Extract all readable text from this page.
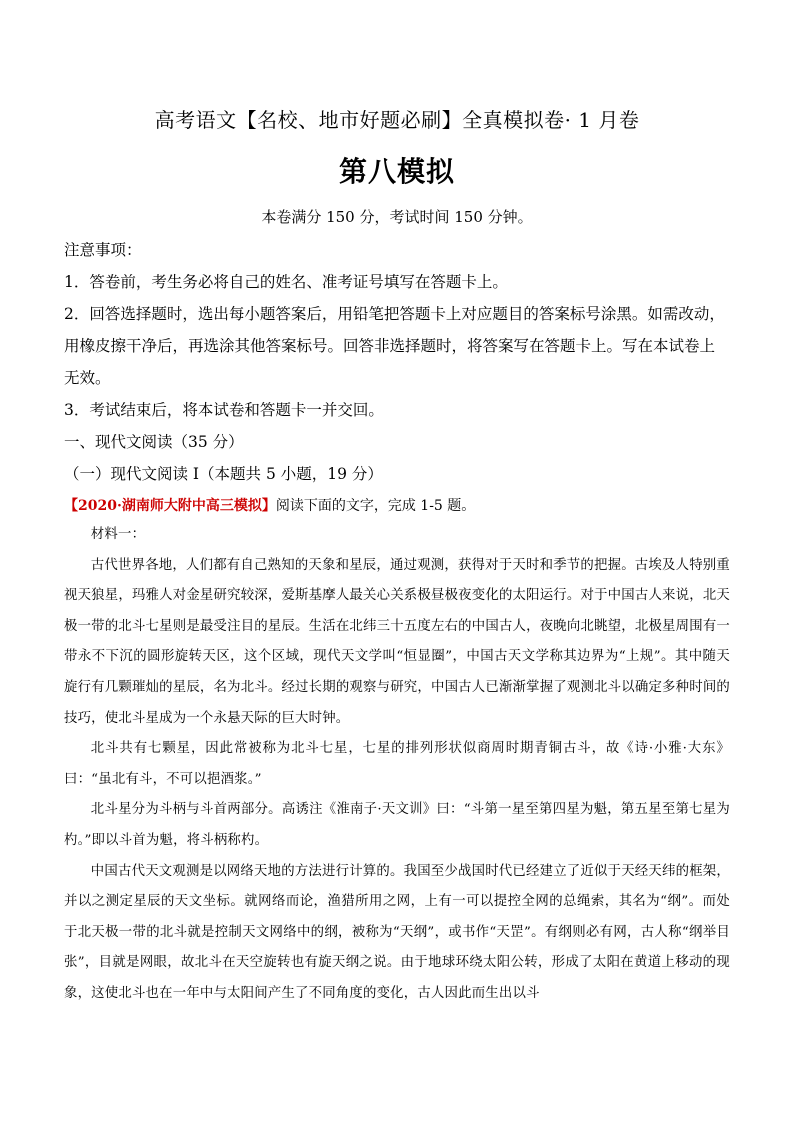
高考语文【名校、地市好题必刷】全真模拟卷· 1 月卷
第八模拟
本卷满分 150 分，考试时间 150 分钟。

注意事项：

1．答卷前，考生务必将自己的姓名、准考证号填写在答题卡上。

2．回答选择题时，选出每小题答案后，用铅笔把答题卡上对应题目的答案标号涂黑。如需改动，用橡皮擦干净后，再选涂其他答案标号。回答非选择题时，将答案写在答题卡上。写在本试卷上无效。

3．考试结束后，将本试卷和答题卡一并交回。

一、现代文阅读（35 分）

（一）现代文阅读 I（本题共 5 小题，19 分）

【2020·湖南师大附中高三模拟】阅读下面的文字，完成 1-5 题。

材料一：

古代世界各地，人们都有自己熟知的天象和星辰，通过观测，获得对于天时和季节的把握。古埃及人特别重视天狼星，玛雅人对金星研究较深，爱斯基摩人最关心关系极昼极夜变化的太阳运行。对于中国古人来说，北天极一带的北斗七星则是最受注目的星辰。生活在北纬三十五度左右的中国古人，夜晚向北眺望，北极星周围有一带永不下沉的圆形旋转天区，这个区域，现代天文学叫“恒显圈”，中国古天文学称其边界为“上规”。其中随天旋行有几颗璀灿的星辰，名为北斗。经过长期的观察与研究，中国古人已渐渐掌握了观测北斗以确定多种时间的技巧，使北斗星成为一个永悬天际的巨大时钟。

北斗共有七颗星，因此常被称为北斗七星，七星的排列形状似商周时期青铜古斗，故《诗·小雅·大东》曰：“虽北有斗，不可以挹酒浆。”

北斗星分为斗柄与斗首两部分。高诱注《淮南子·天文训》曰：“斗第一星至第四星为魁，第五星至第七星为杓。”即以斗首为魁，将斗柄称杓。

中国古代天文观测是以网络天地的方法进行计算的。我国至少战国时代已经建立了近似于天经天纬的框架，并以之测定星辰的天文坐标。就网络而论，渔猎所用之网，上有一可以提控全网的总绳索，其名为“纲”。而处于北天极一带的北斗就是控制天文网络中的纲，被称为“天纲”，或书作“天罡”。有纲则必有网，古人称“纲举目张”，目就是网眼，故北斗在天空旋转也有旋天纲之说。由于地球环绕太阳公转，形成了太阳在黄道上移动的现象，这使北斗也在一年中与太阳间产生了不同角度的变化，古人因此而生出以斗
